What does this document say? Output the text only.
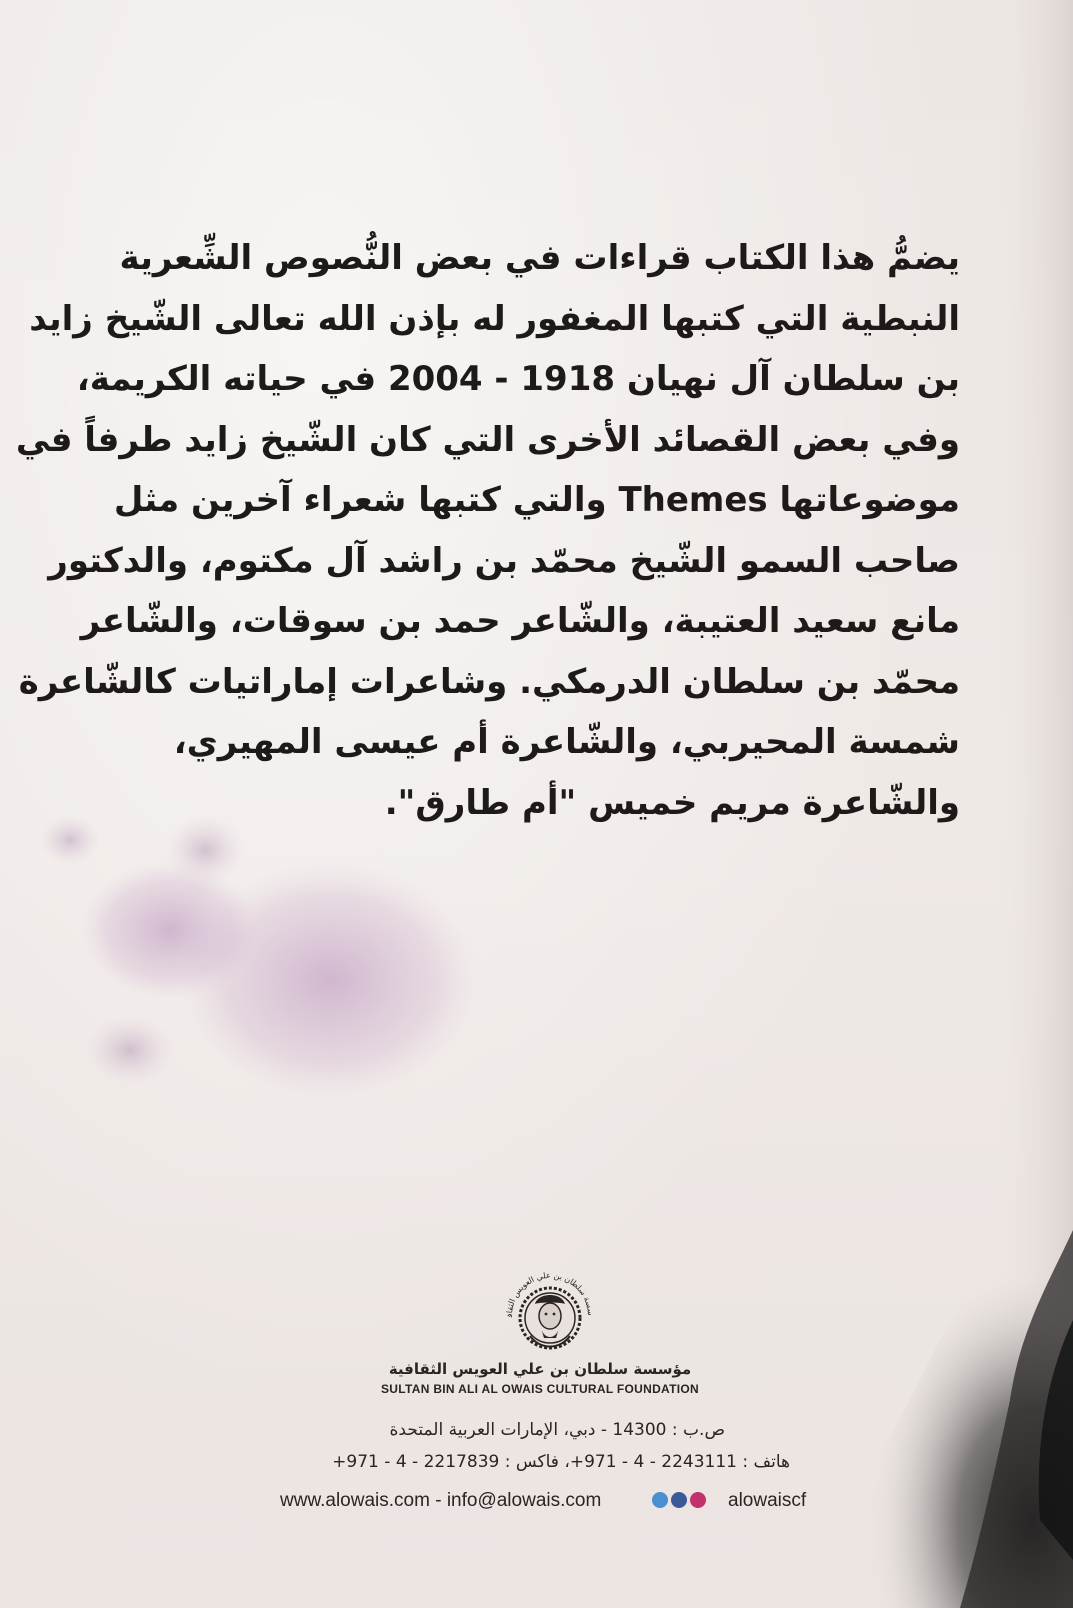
يضمُّ هذا الكتاب قراءات في بعض النُّصوص الشِّعرية
النبطية التي كتبها المغفور له بإذن الله تعالى الشّيخ زايد
بن سلطان آل نهيان 1918 - 2004 في حياته الكريمة،
وفي بعض القصائد الأخرى التي كان الشّيخ زايد طرفاً في
موضوعاتها Themes والتي كتبها شعراء آخرين مثل
صاحب السمو الشّيخ محمّد بن راشد آل مكتوم، والدكتور
مانع سعيد العتيبة، والشّاعر حمد بن سوقات، والشّاعر
محمّد بن سلطان الدرمكي. وشاعرات إماراتيات كالشّاعرة
شمسة المحيربي، والشّاعرة أم عيسى المهيري،
والشّاعرة مريم خميس "أم طارق".
سسة سلطان بن علي العويس الثقاف
مؤسسة سلطان بن علي العويس الثقافية
SULTAN BIN ALI AL OWAIS CULTURAL FOUNDATION
ص.ب : 14300 - دبي، الإمارات العربية المتحدة
هاتف : 2243111 - 4 - 971+، فاكس : 2217839 - 4 - 971+
www.alowais.com - info@alowais.com	alowaiscf
